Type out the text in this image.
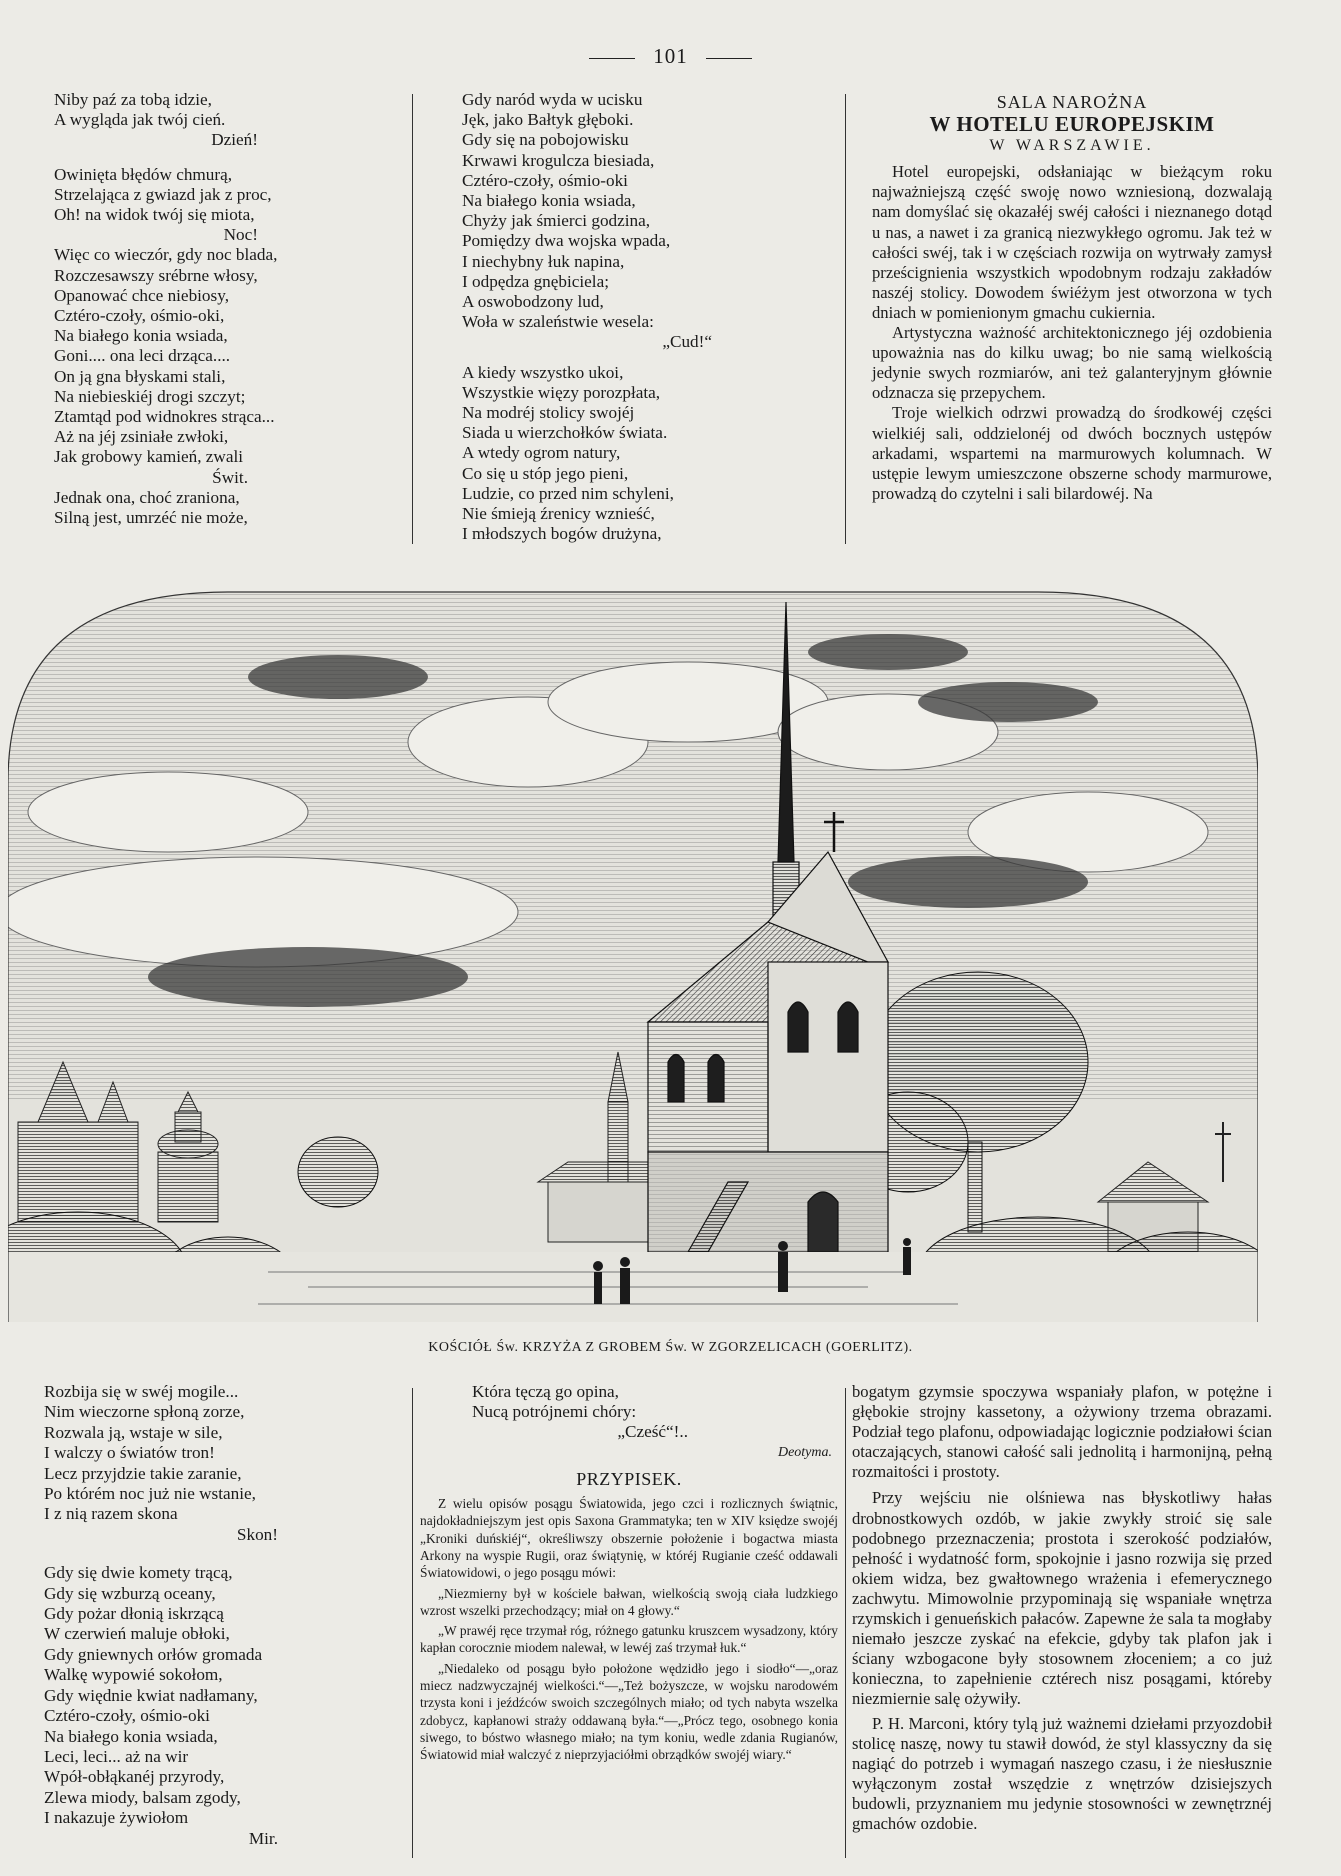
101
Niby paź za tobą idzie,
A wygląda jak twój cień.
Dzień!
Owinięta błędów chmurą,
Strzelająca z gwiazd jak z proc,
Oh! na widok twój się miota,
Noc!
Więc co wieczór, gdy noc blada,
Rozczesawszy srébrne włosy,
Opanować chce niebiosy,
Cztéro-czoły, ośmio-oki,
Na białego konia wsiada,
Goni.... ona leci drząca....
On ją gna błyskami stali,
Na niebieskiéj drogi szczyt;
Ztamtąd pod widnokres strąca...
Aż na jéj zsiniałe zwłoki,
Jak grobowy kamień, zwali
Świt.
Jednak ona, choć zraniona,
Silną jest, umrzéć nie może,
Gdy naród wyda w ucisku
Jęk, jako Bałtyk głęboki.
Gdy się na pobojowisku
Krwawi krogulcza biesiada,
Cztéro-czoły, ośmio-oki
Na białego konia wsiada,
Chyży jak śmierci godzina,
Pomiędzy dwa wojska wpada,
I niechybny łuk napina,
I odpędza gnębiciela;
A oswobodzony lud,
Woła w szaleństwie wesela:
„Cud!“
A kiedy wszystko ukoi,
Wszystkie więzy porozpłata,
Na modréj stolicy swojéj
Siada u wierzchołków świata.
A wtedy ogrom natury,
Co się u stóp jego pieni,
Ludzie, co przed nim schyleni,
Nie śmieją źrenicy wznieść,
I młodszych bogów drużyna,
SALA NAROŻNA
W HOTELU EUROPEJSKIM
W WARSZAWIE.

Hotel europejski, odsłaniając w bieżącym roku najważniejszą część swoję nowo wzniesioną, dozwalają nam domyślać się okazałéj swéj całości i nieznanego dotąd u nas, a nawet i za granicą niezwykłego ogromu. Jak też w całości swéj, tak i w częściach rozwija on wytrwały zamysł prześcignienia wszystkich wpodobnym rodzaju zakładów naszéj stolicy. Dowodem świéżym jest otworzona w tych dniach w pomienionym gmachu cukiernia.

Artystyczna ważność architektonicznego jéj ozdobienia upoważnia nas do kilku uwag; bo nie samą wielkością jedynie swych rozmiarów, ani też galanteryjnym głównie odznacza się przepychem.

Troje wielkich odrzwi prowadzą do środkowéj części wielkiéj sali, oddzielonéj od dwóch bocznych ustępów arkadami, wspartemi na marmurowych kolumnach. W ustępie lewym umieszczone obszerne schody marmurowe, prowadzą do czytelni i sali bilardowéj. Na

KOŚCIÓŁ Św. KRZYŻA Z GROBEM Św. W ZGORZELICACH (GOERLITZ).
Rozbija się w swéj mogile...
Nim wieczorne spłoną zorze,
Rozwala ją, wstaje w sile,
I walczy o światów tron!
Lecz przyjdzie takie zaranie,
Po którém noc już nie wstanie,
I z nią razem skona
Skon!
Gdy się dwie komety trącą,
Gdy się wzburzą oceany,
Gdy pożar dłonią iskrzącą
W czerwień maluje obłoki,
Gdy gniewnych orłów gromada
Walkę wypowié sokołom,
Gdy więdnie kwiat nadłamany,
Cztéro-czoły, ośmio-oki
Na białego konia wsiada,
Leci, leci... aż na wir
Wpół-obłąkanéj przyrody,
Zlewa miody, balsam zgody,
I nakazuje żywiołom
Mir.
Która tęczą go opina,
Nucą potrójnemi chóry:
„Cześć“!..
Deotyma.
PRZYPISEK.

Z wielu opisów posągu Światowida, jego czci i rozlicznych świątnic, najdokładniejszym jest opis Saxona Grammatyka; ten w XIV księdze swojéj „Kroniki duńskiéj“, określiwszy obszernie położenie i bogactwa miasta Arkony na wyspie Rugii, oraz świątynię, w któréj Rugianie cześć oddawali Światowidowi, o jego posągu mówi:

„Niezmierny był w kościele bałwan, wielkością swoją ciała ludzkiego wzrost wszelki przechodzący; miał on 4 głowy.“

„W prawéj ręce trzymał róg, różnego gatunku kruszcem wysadzony, który kapłan corocznie miodem nalewał, w lewéj zaś trzymał łuk.“

„Niedaleko od posągu było położone wędzidło jego i siodło“—„oraz miecz nadzwyczajnéj wielkości.“—„Też bożyszcze, w wojsku narodowém trzysta koni i jeźdźców swoich szczególnych miało; od tych nabyta wszelka zdobycz, kapłanowi straży oddawaną była.“—„Prócz tego, osobnego konia siwego, to bóstwo własnego miało; na tym koniu, wedle zdania Rugianów, Światowid miał walczyć z nieprzyjaciółmi obrządków swojéj wiary.“

bogatym gzymsie spoczywa wspaniały plafon, w potężne i głębokie strojny kassetony, a ożywiony trzema obrazami. Podział tego plafonu, odpowiadając logicznie podziałowi ścian otaczających, stanowi całość sali jednolitą i harmonijną, pełną rozmaitości i prostoty.

Przy wejściu nie olśniewa nas błyskotliwy hałas drobnostkowych ozdób, w jakie zwykły stroić się sale podobnego przeznaczenia; prostota i szerokość podziałów, pełność i wydatność form, spokojnie i jasno rozwija się przed okiem widza, bez gwałtownego wrażenia i efemerycznego zachwytu. Mimowolnie przypominają się wspaniałe wnętrza rzymskich i genueńskich pałaców. Zapewne że sala ta mogłaby niemało jeszcze zyskać na efekcie, gdyby tak plafon jak i ściany wzbogacone były stosownem złoceniem; a co już konieczna, to zapełnienie cztérech nisz posągami, któreby niezmiernie salę ożywiły.

P. H. Marconi, który tylą już ważnemi dziełami przyozdobił stolicę naszę, nowy tu stawił dowód, że styl klassyczny da się nagiąć do potrzeb i wymagań naszego czasu, i że niesłusznie wyłączonym został wszędzie z wnętrzów dzisiejszych budowli, przyznaniem mu jedynie stosowności w zewnętrznéj gmachów ozdobie.
